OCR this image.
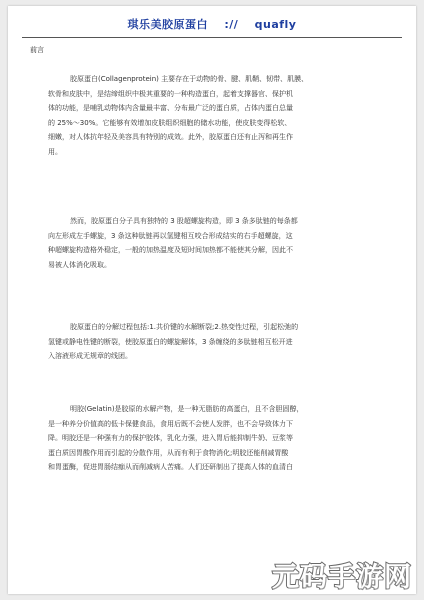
琪乐美胶原蛋白 :// quafly
前言
胶原蛋白(Collagenprotein) 主要存在于动物的骨、腱、肌鞘、韧带、肌膜、
软骨和皮肤中，是结缔组织中极其重要的一种构造蛋白，起着支撑器官、保护机
体的功能，是哺乳动物体内含量最丰富、分布最广泛的蛋白质，占体内蛋白总量
的 25%～30%。它能够有效增加皮肤组织细胞的储水功能，使皮肤变得松软、
细嫩，对人体抗年轻及美容具有特别的成效。此外，胶原蛋白还有止泻和再生作
用。
然而，胶原蛋白分子具有独特的 3 股超螺旋构造，即 3 条多肽链的每条都
向左形成左手螺旋，3 条这种肽链再以氢键相互咬合形成结实的右手超螺旋，这
种超螺旋构造格外稳定，一般的加热温度及短时间加热都不能使其分解，因此不
易被人体消化吸取。
胶原蛋白的分解过程包括:1.共价键的水解断裂;2.热变性过程，引起松弛的
氢键或静电性键的断裂，使胶原蛋白的螺旋解体，3 条缠绕的多肽链相互松开进
入溶液形成无规章的线团。
明胶(Gelatin)是胶原的水解产物，是一种无脂肪的高蛋白，且不含胆固醇，
是一种养分价值高的低卡保健食品，食用后既不会使人发胖，也不会导致体力下
降。明胶还是一种强有力的保护胶体，乳化力强，进入胃后能抑制牛奶、豆浆等
蛋白质因胃酸作用而引起的分散作用，从而有利于食物消化;明胶还能削减胃酸
和胃蛋酶，促进胃肠结痂从而削减病人苦痛。人们还研制出了提高人体的血清白
元码手游网
